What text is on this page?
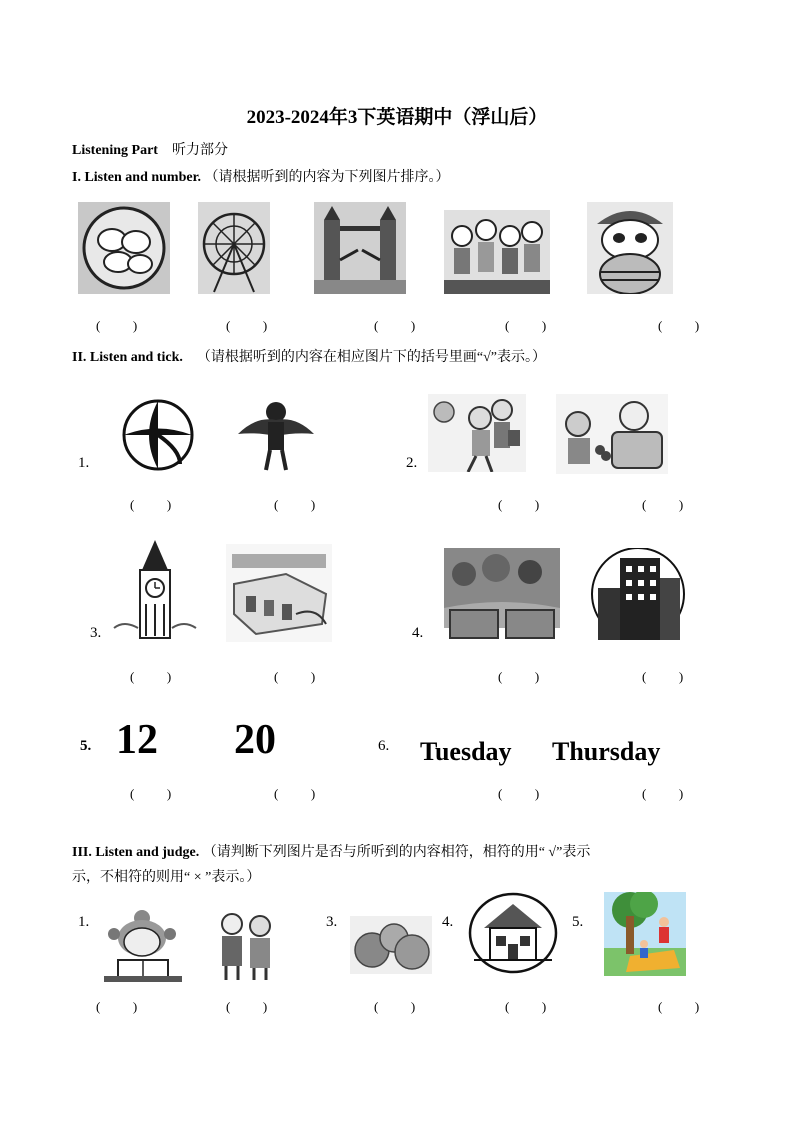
2023-2024年3下英语期中（浮山后）
Listening Part 听力部分
I. Listen and number. （请根据听到的内容为下列图片排序。）
(          )	(          )	(          )	(          )	(          )
II. Listen and tick. （请根据听到的内容在相应图片下的括号里画“√”表示。）
1.	2.
(          )	(          )	(          )	(          )
3.	4.
(          )	(          )	(          )	(          )
5. 12 20	6. Tuesday Thursday
(          )	(          )	(          )	(          )
III. Listen and judge. （请判断下列图片是否与所听到的内容相符，相符的用“ √”表示
示，不相符的则用“ × ”表示。）
1.	3.	4.	5.
(          )	(          )	(          )	(          )	(          )
